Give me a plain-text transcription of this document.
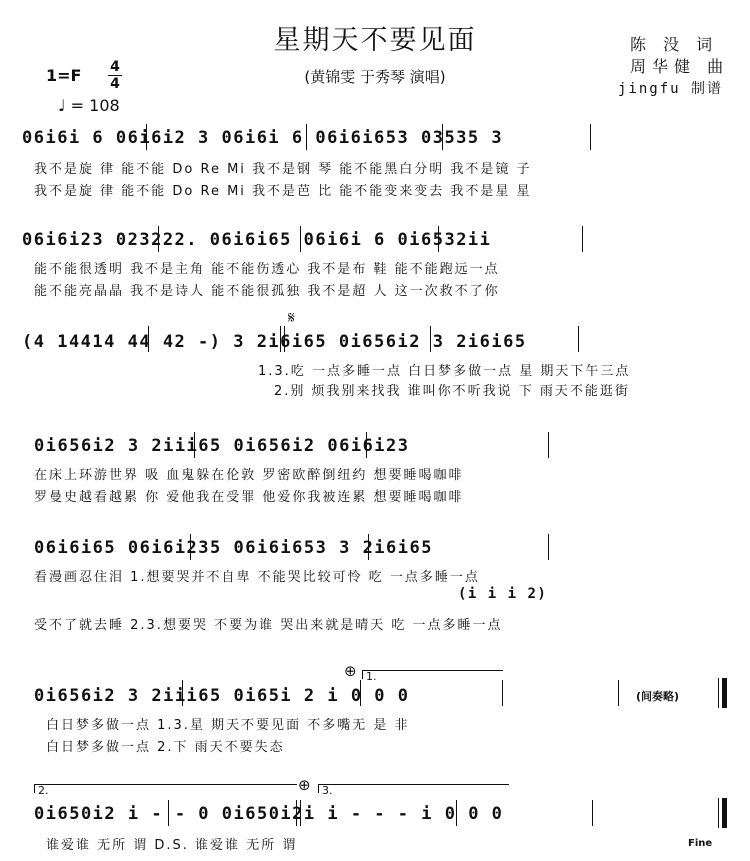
星期天不要见面
(黄锦雯 于秀琴 演唱)
陈 没 词
周华健 曲
jingfu 制谱
1=F 4
4
♩ = 108
06i6i 6 06i6i2 3 06i6i 6 06i6i653 03535 3
我不是旋 律 能不能 Do Re Mi 我不是钢 琴 能不能黑白分明 我不是镜 子
我不是旋 律 能不能 Do Re Mi 我不是芭 比 能不能变来变去 我不是星 星
06i6i23 023222. 06i6i65 06i6i 6 0i6532ii
能不能很透明 我不是主角 能不能伤透心 我不是布 鞋 能不能跑远一点
能不能亮晶晶 我不是诗人 能不能很孤独 我不是超 人 这一次救不了你
𝄋
(4 14414 44 42 -) 3 2i6i65 0i656i2 3 2i6i65
1.3.吃 一点多睡一点 白日梦多做一点 星 期天下午三点
2.别 烦我别来找我 谁叫你不听我说 下 雨天不能逛街
0i656i2 3 2iii65 0i656i2 06i6i23
在床上环游世界 吸 血鬼躲在伦敦 罗密欧醉倒纽约 想要睡喝咖啡
罗曼史越看越累 你 爱他我在受罪 他爱你我被连累 想要睡喝咖啡
06i6i65 06i6i235 06i6i653 3 2i6i65
看漫画忍住泪 1.想要哭并不自卑 不能哭比较可怜 吃 一点多睡一点
(i i i 2)
受不了就去睡 2.3.想要哭 不要为谁 哭出来就是晴天 吃 一点多睡一点
⊕ 1.
0i656i2 3 2iii65 0i65i 2 i 0 0 0	(间奏略)
白日梦多做一点 1.3.星 期天不要见面 不多嘴无 是 非
白日梦多做一点 2.下 雨天不要失态
2.	⊕ 3.
0i650i2 i - - 0 0i650i2i i - - - i 0 0 0
谁爱谁 无所 谓 D.S. 谁爱谁 无所 谓	Fine
